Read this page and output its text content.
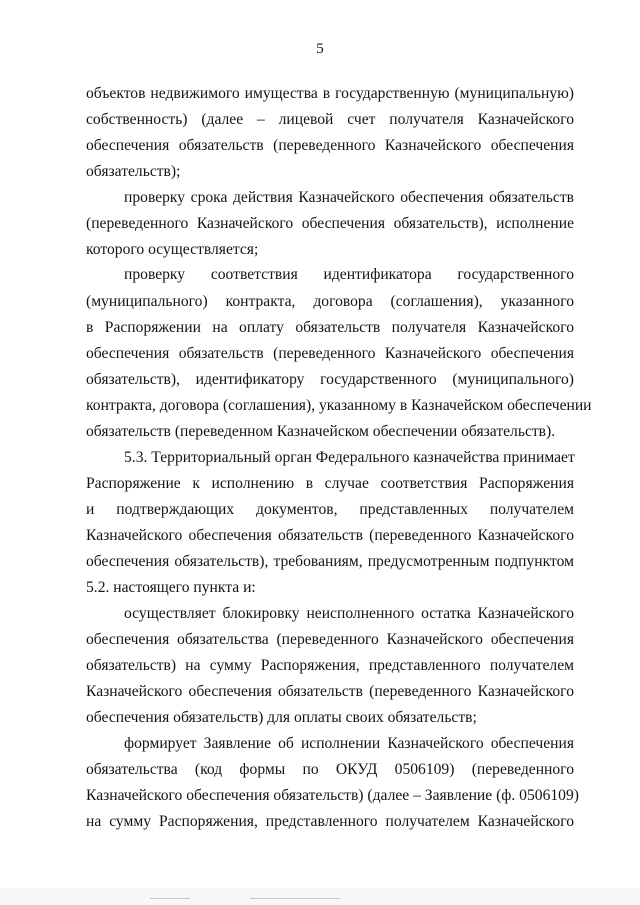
5
объектов недвижимого имущества в государственную (муниципальную)
собственность) (далее – лицевой счет получателя Казначейского
обеспечения обязательств (переведенного Казначейского обеспечения
обязательств);
проверку срока действия Казначейского обеспечения обязательств
(переведенного Казначейского обеспечения обязательств), исполнение
которого осуществляется;
проверку соответствия идентификатора государственного
(муниципального) контракта, договора (соглашения), указанного
в Распоряжении на оплату обязательств получателя Казначейского
обеспечения обязательств (переведенного Казначейского обеспечения
обязательств), идентификатору государственного (муниципального)
контракта, договора (соглашения), указанному в Казначейском обеспечении
обязательств (переведенном Казначейском обеспечении обязательств).
5.3. Территориальный орган Федерального казначейства принимает
Распоряжение к исполнению в случае соответствия Распоряжения
и подтверждающих документов, представленных получателем
Казначейского обеспечения обязательств (переведенного Казначейского
обеспечения обязательств), требованиям, предусмотренным подпунктом
5.2. настоящего пункта и:
осуществляет блокировку неисполненного остатка Казначейского
обеспечения обязательства (переведенного Казначейского обеспечения
обязательств) на сумму Распоряжения, представленного получателем
Казначейского обеспечения обязательств (переведенного Казначейского
обеспечения обязательств) для оплаты своих обязательств;
формирует Заявление об исполнении Казначейского обеспечения
обязательства (код формы по ОКУД 0506109) (переведенного
Казначейского обеспечения обязательств) (далее – Заявление (ф. 0506109)
на сумму Распоряжения, представленного получателем Казначейского
